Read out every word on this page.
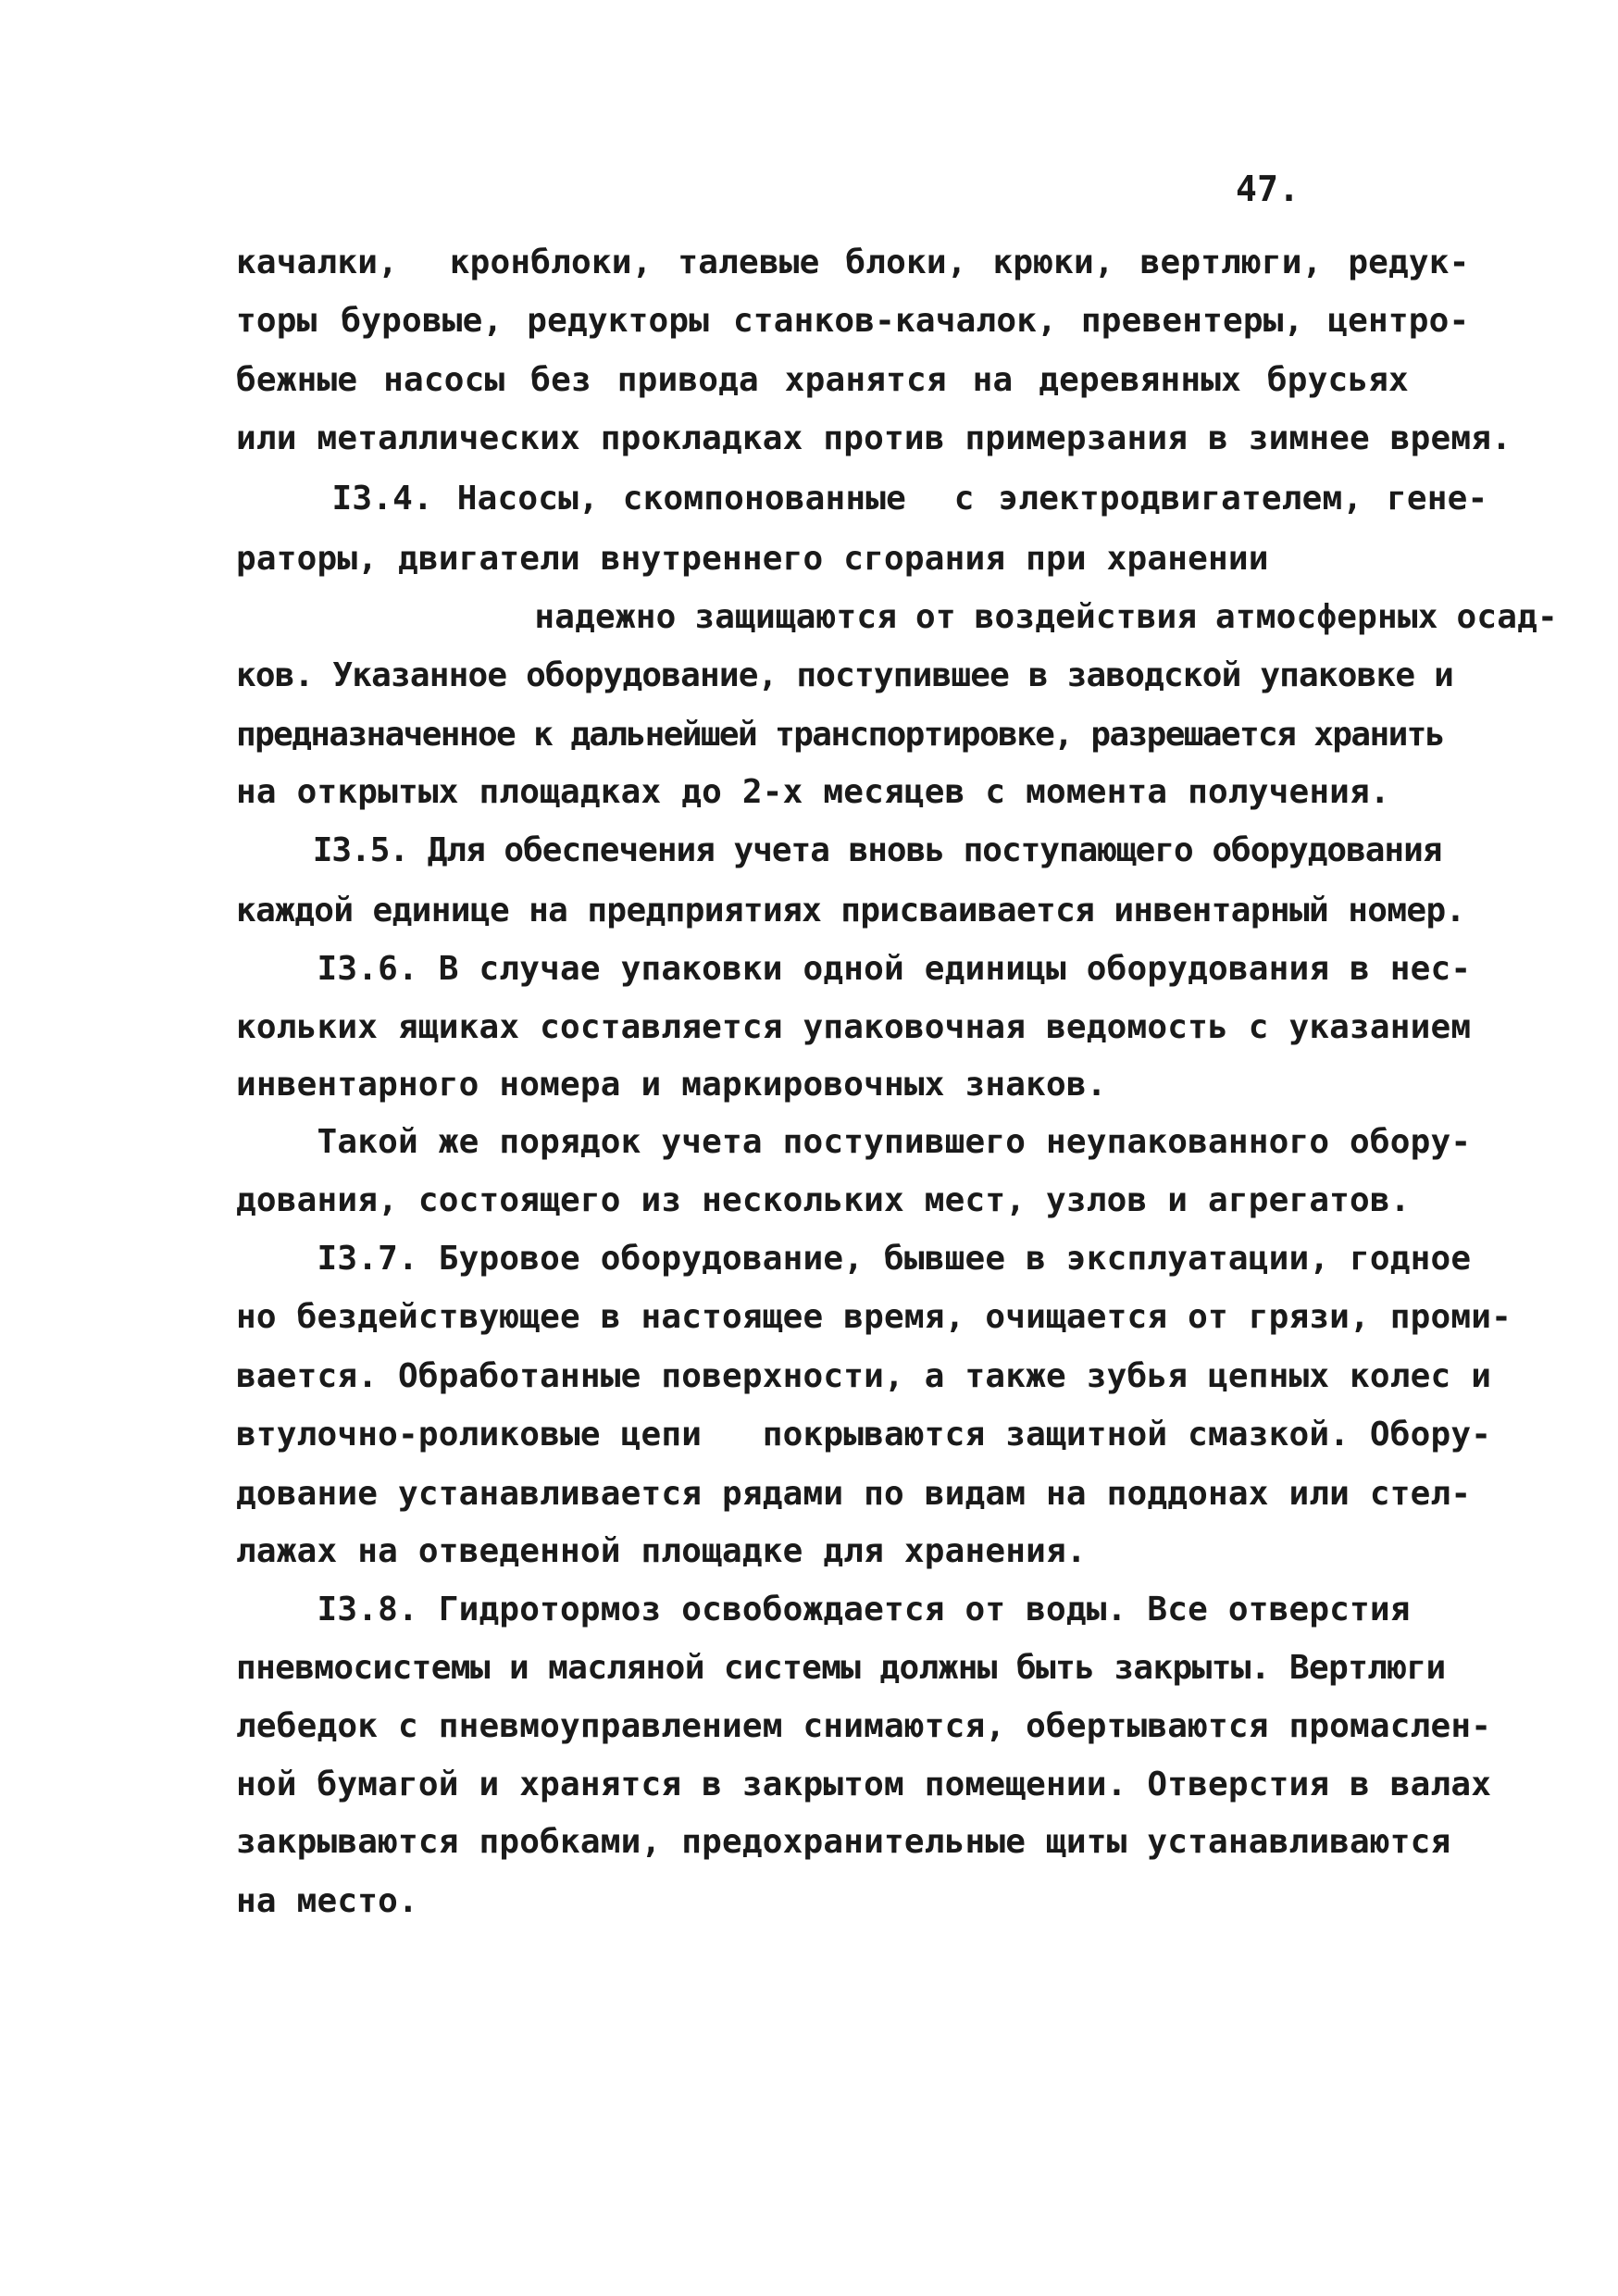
47.
качалки,  кронблоки, талевые блоки, крюки, вертлюги, редук-
торы буровые, редукторы станков-качалок, превентеры, центро-
бежные насосы без привода хранятся на деревянных брусьях
или металлических прокладках против примерзания в зимнее время.
I3.4. Насосы, скомпонованные  с электродвигателем, гене-
раторы, двигатели внутреннего сгорания при хранении
надежно защищаются от воздействия атмосферных осад-
ков. Указанное оборудование, поступившее в заводской упаковке и
предназначенное к дальнейшей транспортировке, разрешается хранить
на открытых площадках до 2-х месяцев с момента получения.
I3.5. Для обеспечения учета вновь поступающего оборудования
каждой единице на предприятиях присваивается инвентарный номер.
I3.6. В случае упаковки одной единицы оборудования в нес-
кольких ящиках составляется упаковочная ведомость с указанием
инвентарного номера и маркировочных знаков.
Такой же порядок учета поступившего неупакованного обору-
дования, состоящего из нескольких мест, узлов и агрегатов.
I3.7. Буровое оборудование, бывшее в эксплуатации, годное
но бездействующее в настоящее время, очищается от грязи, проми-
вается. Обработанные поверхности, а также зубья цепных колес и
втулочно-роликовые цепи   покрываются защитной смазкой. Обору-
дование устанавливается рядами по видам на поддонах или стел-
лажах на отведенной площадке для хранения.
I3.8. Гидротормоз освобождается от воды. Все отверстия
пневмосистемы и масляной системы должны быть закрыты. Вертлюги
лебедок с пневмоуправлением снимаются, обертываются промаслен-
ной бумагой и хранятся в закрытом помещении. Отверстия в валах
закрываются пробками, предохранительные щиты устанавливаются
на место.
